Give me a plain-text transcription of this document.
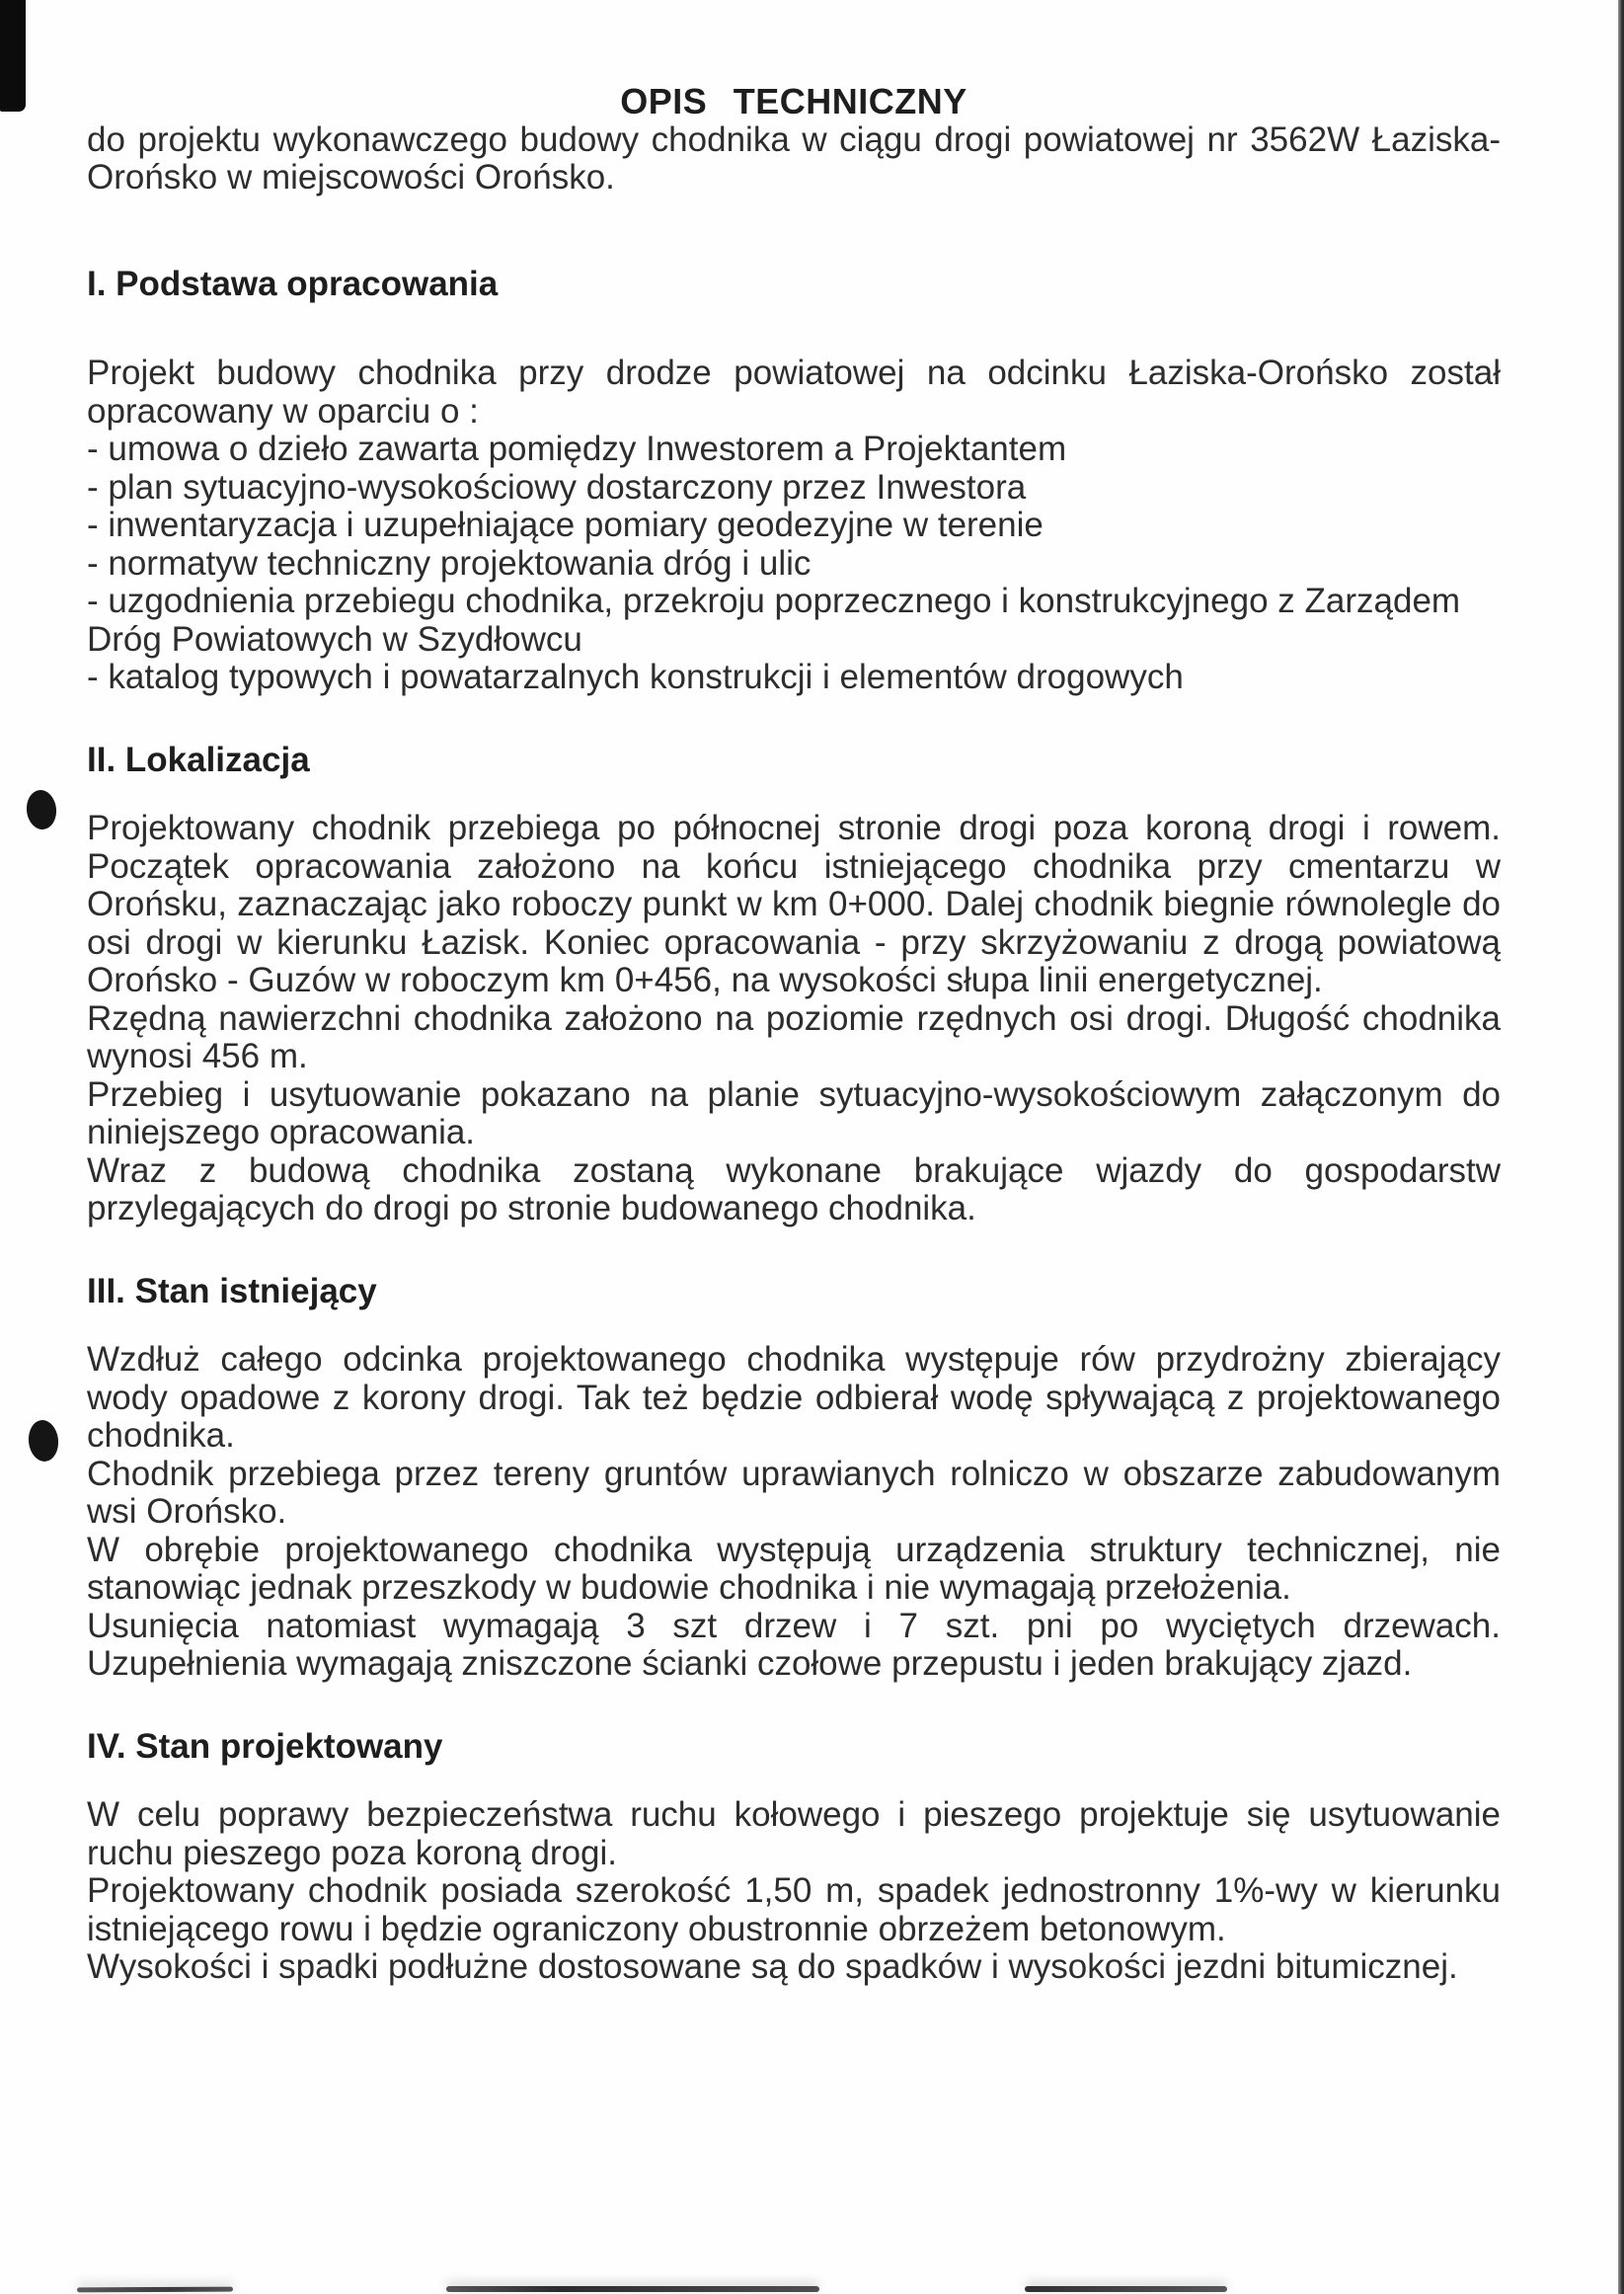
OPIS TECHNICZNY

do projektu wykonawczego budowy chodnika w ciągu drogi powiatowej nr 3562W Łaziska-Orońsko w miejscowości Orońsko.

I. Podstawa opracowania

Projekt budowy chodnika przy drodze powiatowej na odcinku Łaziska-Orońsko został opracowany w oparciu o :

- umowa o dzieło zawarta pomiędzy Inwestorem a Projektantem

- plan sytuacyjno-wysokościowy dostarczony przez Inwestora

- inwentaryzacja i uzupełniające pomiary geodezyjne w terenie

- normatyw techniczny projektowania dróg i ulic

- uzgodnienia przebiegu chodnika, przekroju poprzecznego i konstrukcyjnego z Zarządem Dróg Powiatowych w Szydłowcu

- katalog typowych i powatarzalnych konstrukcji i elementów drogowych

II. Lokalizacja

Projektowany chodnik przebiega po północnej stronie drogi poza koroną drogi i rowem. Początek opracowania założono na końcu istniejącego chodnika przy cmentarzu w Orońsku, zaznaczając jako roboczy punkt w km 0+000. Dalej chodnik biegnie równolegle do osi drogi w kierunku Łazisk. Koniec opracowania - przy skrzyżowaniu z drogą powiatową Orońsko - Guzów w roboczym km 0+456, na wysokości słupa linii energetycznej.

Rzędną nawierzchni chodnika założono na poziomie rzędnych osi drogi. Długość chodnika wynosi 456 m.

Przebieg i usytuowanie pokazano na planie sytuacyjno-wysokościowym załączonym do niniejszego opracowania.

Wraz z budową chodnika zostaną wykonane brakujące wjazdy do gospodarstw przylegających do drogi po stronie budowanego chodnika.

III. Stan istniejący

Wzdłuż całego odcinka projektowanego chodnika występuje rów przydrożny zbierający wody opadowe z korony drogi. Tak też będzie odbierał wodę spływającą z projektowanego chodnika.

Chodnik przebiega przez tereny gruntów uprawianych rolniczo w obszarze zabudowanym wsi Orońsko.

W obrębie projektowanego chodnika występują urządzenia struktury technicznej, nie stanowiąc jednak przeszkody w budowie chodnika i nie wymagają przełożenia.

Usunięcia natomiast wymagają 3 szt drzew i 7 szt. pni po wyciętych drzewach.

Uzupełnienia wymagają zniszczone ścianki czołowe przepustu i jeden brakujący zjazd.

IV. Stan projektowany

W celu poprawy bezpieczeństwa ruchu kołowego i pieszego projektuje się usytuowanie ruchu pieszego poza koroną drogi.

Projektowany chodnik posiada szerokość 1,50 m, spadek jednostronny 1%-wy w kierunku istniejącego rowu i będzie ograniczony obustronnie obrzeżem betonowym.

Wysokości i spadki podłużne dostosowane są do spadków i wysokości jezdni bitumicznej.
